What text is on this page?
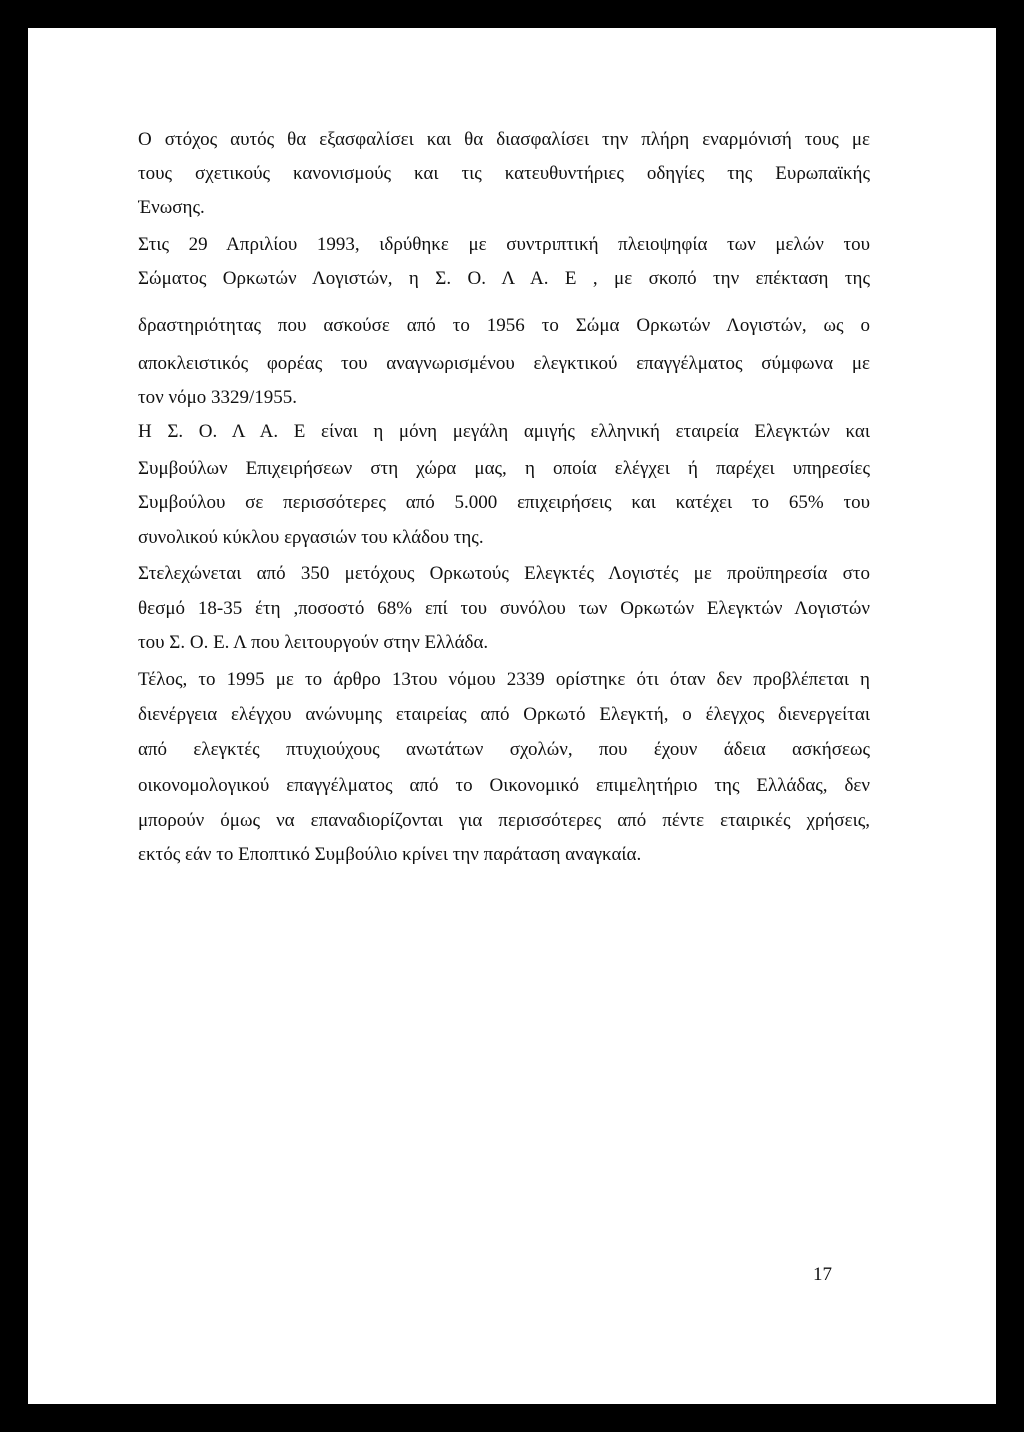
Ο στόχος αυτός θα εξασφαλίσει και θα διασφαλίσει την πλήρη εναρμόνισή τους με
τους σχετικούς κανονισμούς και τις κατευθυντήριες οδηγίες της Ευρωπαϊκής
Ένωσης.
Στις 29 Απριλίου 1993, ιδρύθηκε με συντριπτική πλειοψηφία των μελών του
Σώματος Ορκωτών Λογιστών, η Σ. Ο. Λ Α. Ε , με σκοπό την επέκταση της
δραστηριότητας που ασκούσε από το 1956 το Σώμα Ορκωτών Λογιστών, ως ο
αποκλειστικός φορέας του αναγνωρισμένου ελεγκτικού επαγγέλματος σύμφωνα με
τον νόμο 3329/1955.
Η Σ. Ο. Λ Α. Ε είναι η μόνη μεγάλη αμιγής ελληνική εταιρεία Ελεγκτών και
Συμβούλων Επιχειρήσεων στη χώρα μας, η οποία ελέγχει ή παρέχει υπηρεσίες
Συμβούλου σε περισσότερες από 5.000 επιχειρήσεις και κατέχει το 65% του
συνολικού κύκλου εργασιών του κλάδου της.
Στελεχώνεται από 350 μετόχους Ορκωτούς Ελεγκτές Λογιστές με προϋπηρεσία στο
θεσμό 18-35 έτη ,ποσοστό 68% επί του συνόλου των Ορκωτών Ελεγκτών Λογιστών
του Σ. Ο. Ε. Λ που λειτουργούν στην Ελλάδα.
Τέλος, το 1995 με το άρθρο 13του νόμου 2339 ορίστηκε ότι όταν δεν προβλέπεται η
διενέργεια ελέγχου ανώνυμης εταιρείας από Ορκωτό Ελεγκτή, ο έλεγχος διενεργείται
από ελεγκτές πτυχιούχους ανωτάτων σχολών, που έχουν άδεια ασκήσεως
οικονομολογικού επαγγέλματος από το Οικονομικό επιμελητήριο της Ελλάδας, δεν
μπορούν όμως να επαναδιορίζονται για περισσότερες από πέντε εταιρικές χρήσεις,
εκτός εάν το Εποπτικό Συμβούλιο κρίνει την παράταση αναγκαία.
17
